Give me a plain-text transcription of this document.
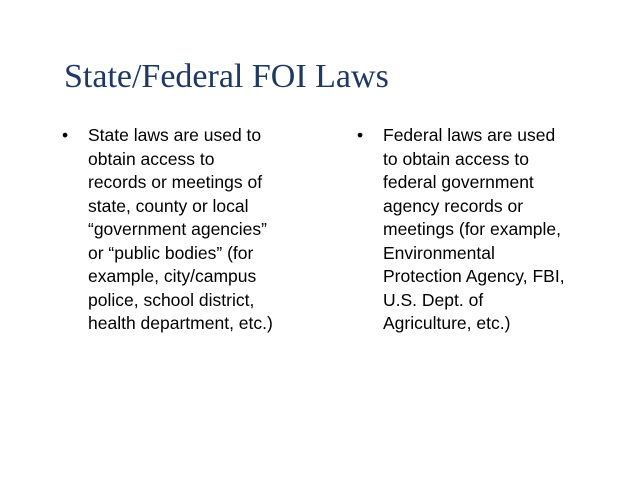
State/Federal FOI Laws
•	State laws are used to
obtain access to
records or meetings of
state, county or local
“government agencies”
or “public bodies” (for
example, city/campus
police, school district,
health department, etc.)
•	Federal laws are used
to obtain access to
federal government
agency records or
meetings (for example,
Environmental
Protection Agency, FBI,
U.S. Dept. of
Agriculture, etc.)
